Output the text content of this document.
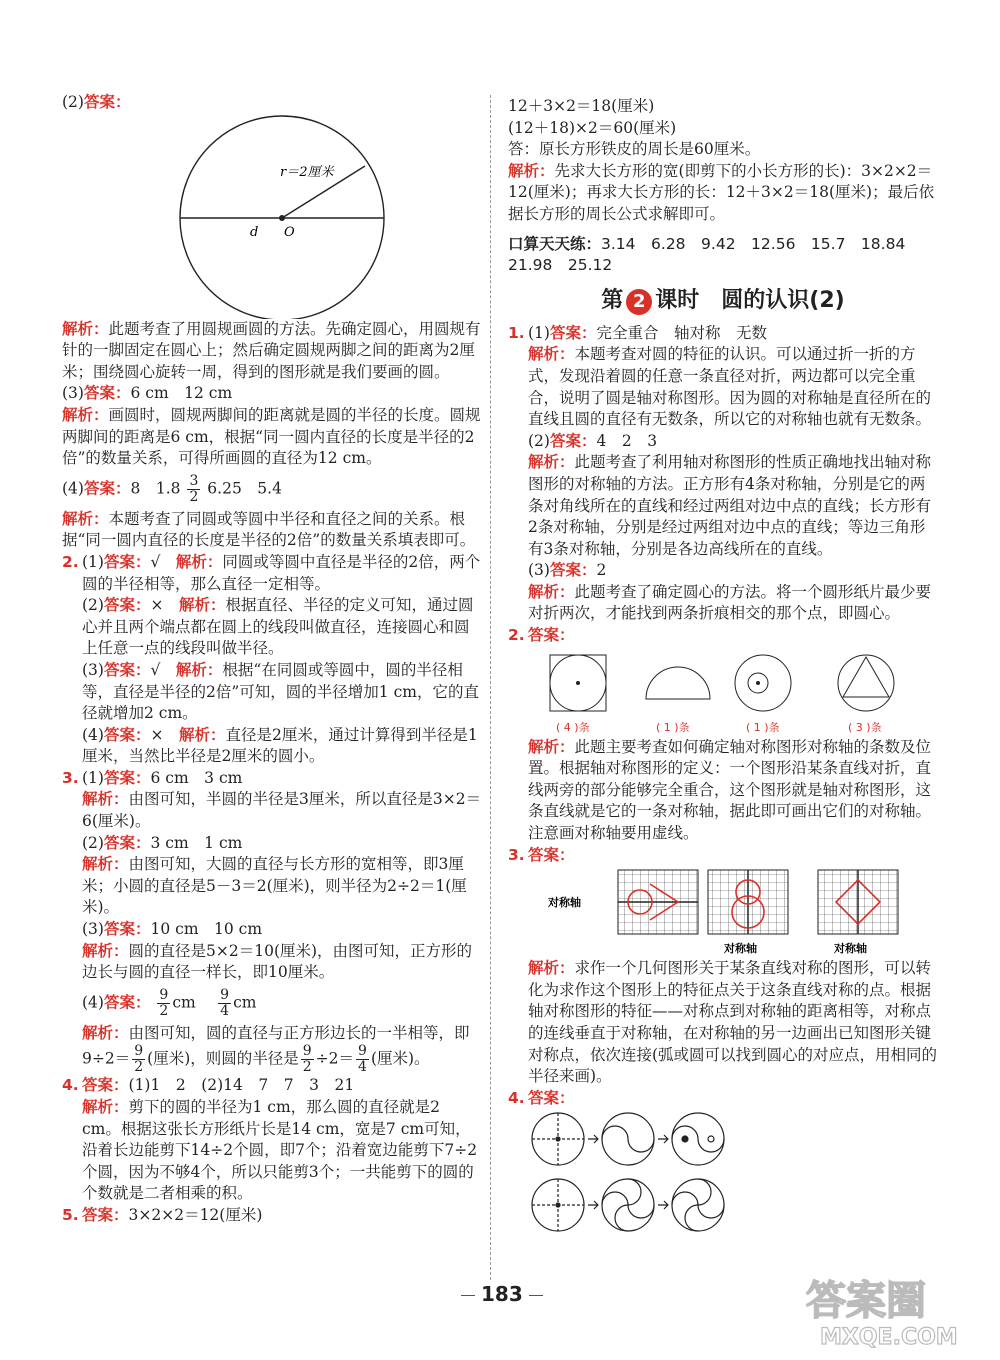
(2)答案：

r＝2厘米
d O

解析：此题考查了用圆规画圆的方法。先确定圆心，用圆规有针的一脚固定在圆心上；然后确定圆规两脚之间的距离为2厘米；围绕圆心旋转一周，得到的图形就是我们要画的圆。

(3)答案：6 cm　12 cm

解析：画圆时，圆规两脚间的距离就是圆的半径的长度。圆规两脚间的距离是6 cm，根据“同一圆内直径的长度是半径的2倍”的数量关系，可得所画圆的直径为12 cm。

(4)答案：8　$1.8 \frac{3}{2} 6.25$　5.4

解析：本题考查了同圆或等圆中半径和直径之间的关系。根据“同一圆内直径的长度是半径的2倍”的数量关系填表即可。

2. (1)答案：√　 解析：同圆或等圆中直径是半径的2倍，两个圆的半径相等，那么直径一定相等。

(2)答案：×　 解析：根据直径、半径的定义可知，通过圆心并且两个端点都在圆上的线段叫做直径，连接圆心和圆上任意一点的线段叫做半径。

(3)答案：√　 解析：根据“在同圆或等圆中，圆的半径相等，直径是半径的2倍”可知，圆的半径增加1 cm，它的直径就增加2 cm。

(4)答案：×　 解析：直径是2厘米，通过计算得到半径是1厘米，当然比半径是2厘米的圆小。

3. (1)答案：6 cm　3 cm

解析：由图可知，半圆的半径是3厘米，所以直径是3×2＝6(厘米)。

(2)答案：3 cm　1 cm

解析：由图可知，大圆的直径与长方形的宽相等，即3厘米；小圆的直径是5－3＝2(厘米)，则半径为2÷2＝1(厘米)。

(3)答案：10 cm　10 cm

解析：圆的直径是5×2＝10(厘米)，由图可知，正方形的边长与圆的直径一样长，即10厘米。

(4)答案： $\frac{9}{2}$ cm　 $\frac{9}{4}$ cm

解析：由图可知，圆的直径与正方形边长的一半相等，即$9\div 2= \frac{9}{2}$ (厘米)，则圆的半径是 $\frac{9}{2} \div 2= \frac{9}{4}$ (厘米)。

4. 答案：(1)1　2　(2)14　7　7　3　21

解析：剪下的圆的半径为1 cm，那么圆的直径就是2 cm。根据这张长方形纸片长是14 cm，宽是7 cm可知，沿着长边能剪下14÷2个圆，即7个；沿着宽边能剪下7÷2个圆，因为不够4个，所以只能剪3个；一共能剪下的圆的个数就是二者相乘的积。

5. 答案：3×2×2＝12(厘米)

12＋3×2＝18(厘米)

(12＋18)×2＝60(厘米)

答：原长方形铁皮的周长是60厘米。

解析：先求大长方形的宽(即剪下的小长方形的长)：3×2×2＝12(厘米)；再求大长方形的长：12＋3×2＝18(厘米)；最后依据长方形的周长公式求解即可。

口算天天练：3.14　6.28　9.42　12.56　15.7　18.84　21.98　25.12

第 2 课时　圆的认识(2)

1. (1)答案：完全重合　轴对称　无数

解析：本题考查对圆的特征的认识。可以通过折一折的方式，发现沿着圆的任意一条直径对折，两边都可以完全重合，说明了圆是轴对称图形。因为圆的对称轴是直径所在的直线且圆的直径有无数条，所以它的对称轴也就有无数条。

(2)答案：4　2　3

解析：此题考查了利用轴对称图形的性质正确地找出轴对称图形的对称轴的方法。正方形有4条对称轴，分别是它的两条对角线所在的直线和经过两组对边中点的直线；长方形有2条对称轴，分别是经过两组对边中点的直线；等边三角形有3条对称轴，分别是各边高线所在的直线。

(3)答案：2

解析：此题考查了确定圆心的方法。将一个圆形纸片最少要对折两次，才能找到两条折痕相交的那个点，即圆心。

2. 答案：

( 4 )条	( 1 )条	( 1 )条	( 3 )条

解析：此题主要考查如何确定轴对称图形对称轴的条数及位置。根据轴对称图形的定义：一个图形沿某条直线对折，直线两旁的部分能够完全重合，这个图形就是轴对称图形，这条直线就是它的一条对称轴，据此即可画出它们的对称轴。注意画对称轴要用虚线。

3. 答案：

对称轴
对称轴	对称轴

解析：求作一个几何图形关于某条直线对称的图形，可以转化为求作这个图形上的特征点关于这条直线对称的点。根据轴对称图形的特征——对称点到对称轴的距离相等，对称点的连线垂直于对称轴，在对称轴的另一边画出已知图形关键对称点，依次连接(弧或圆可以找到圆心的对应点，用相同的半径来画)。

4. 答案：

183	答案圈
MXQE.COM
